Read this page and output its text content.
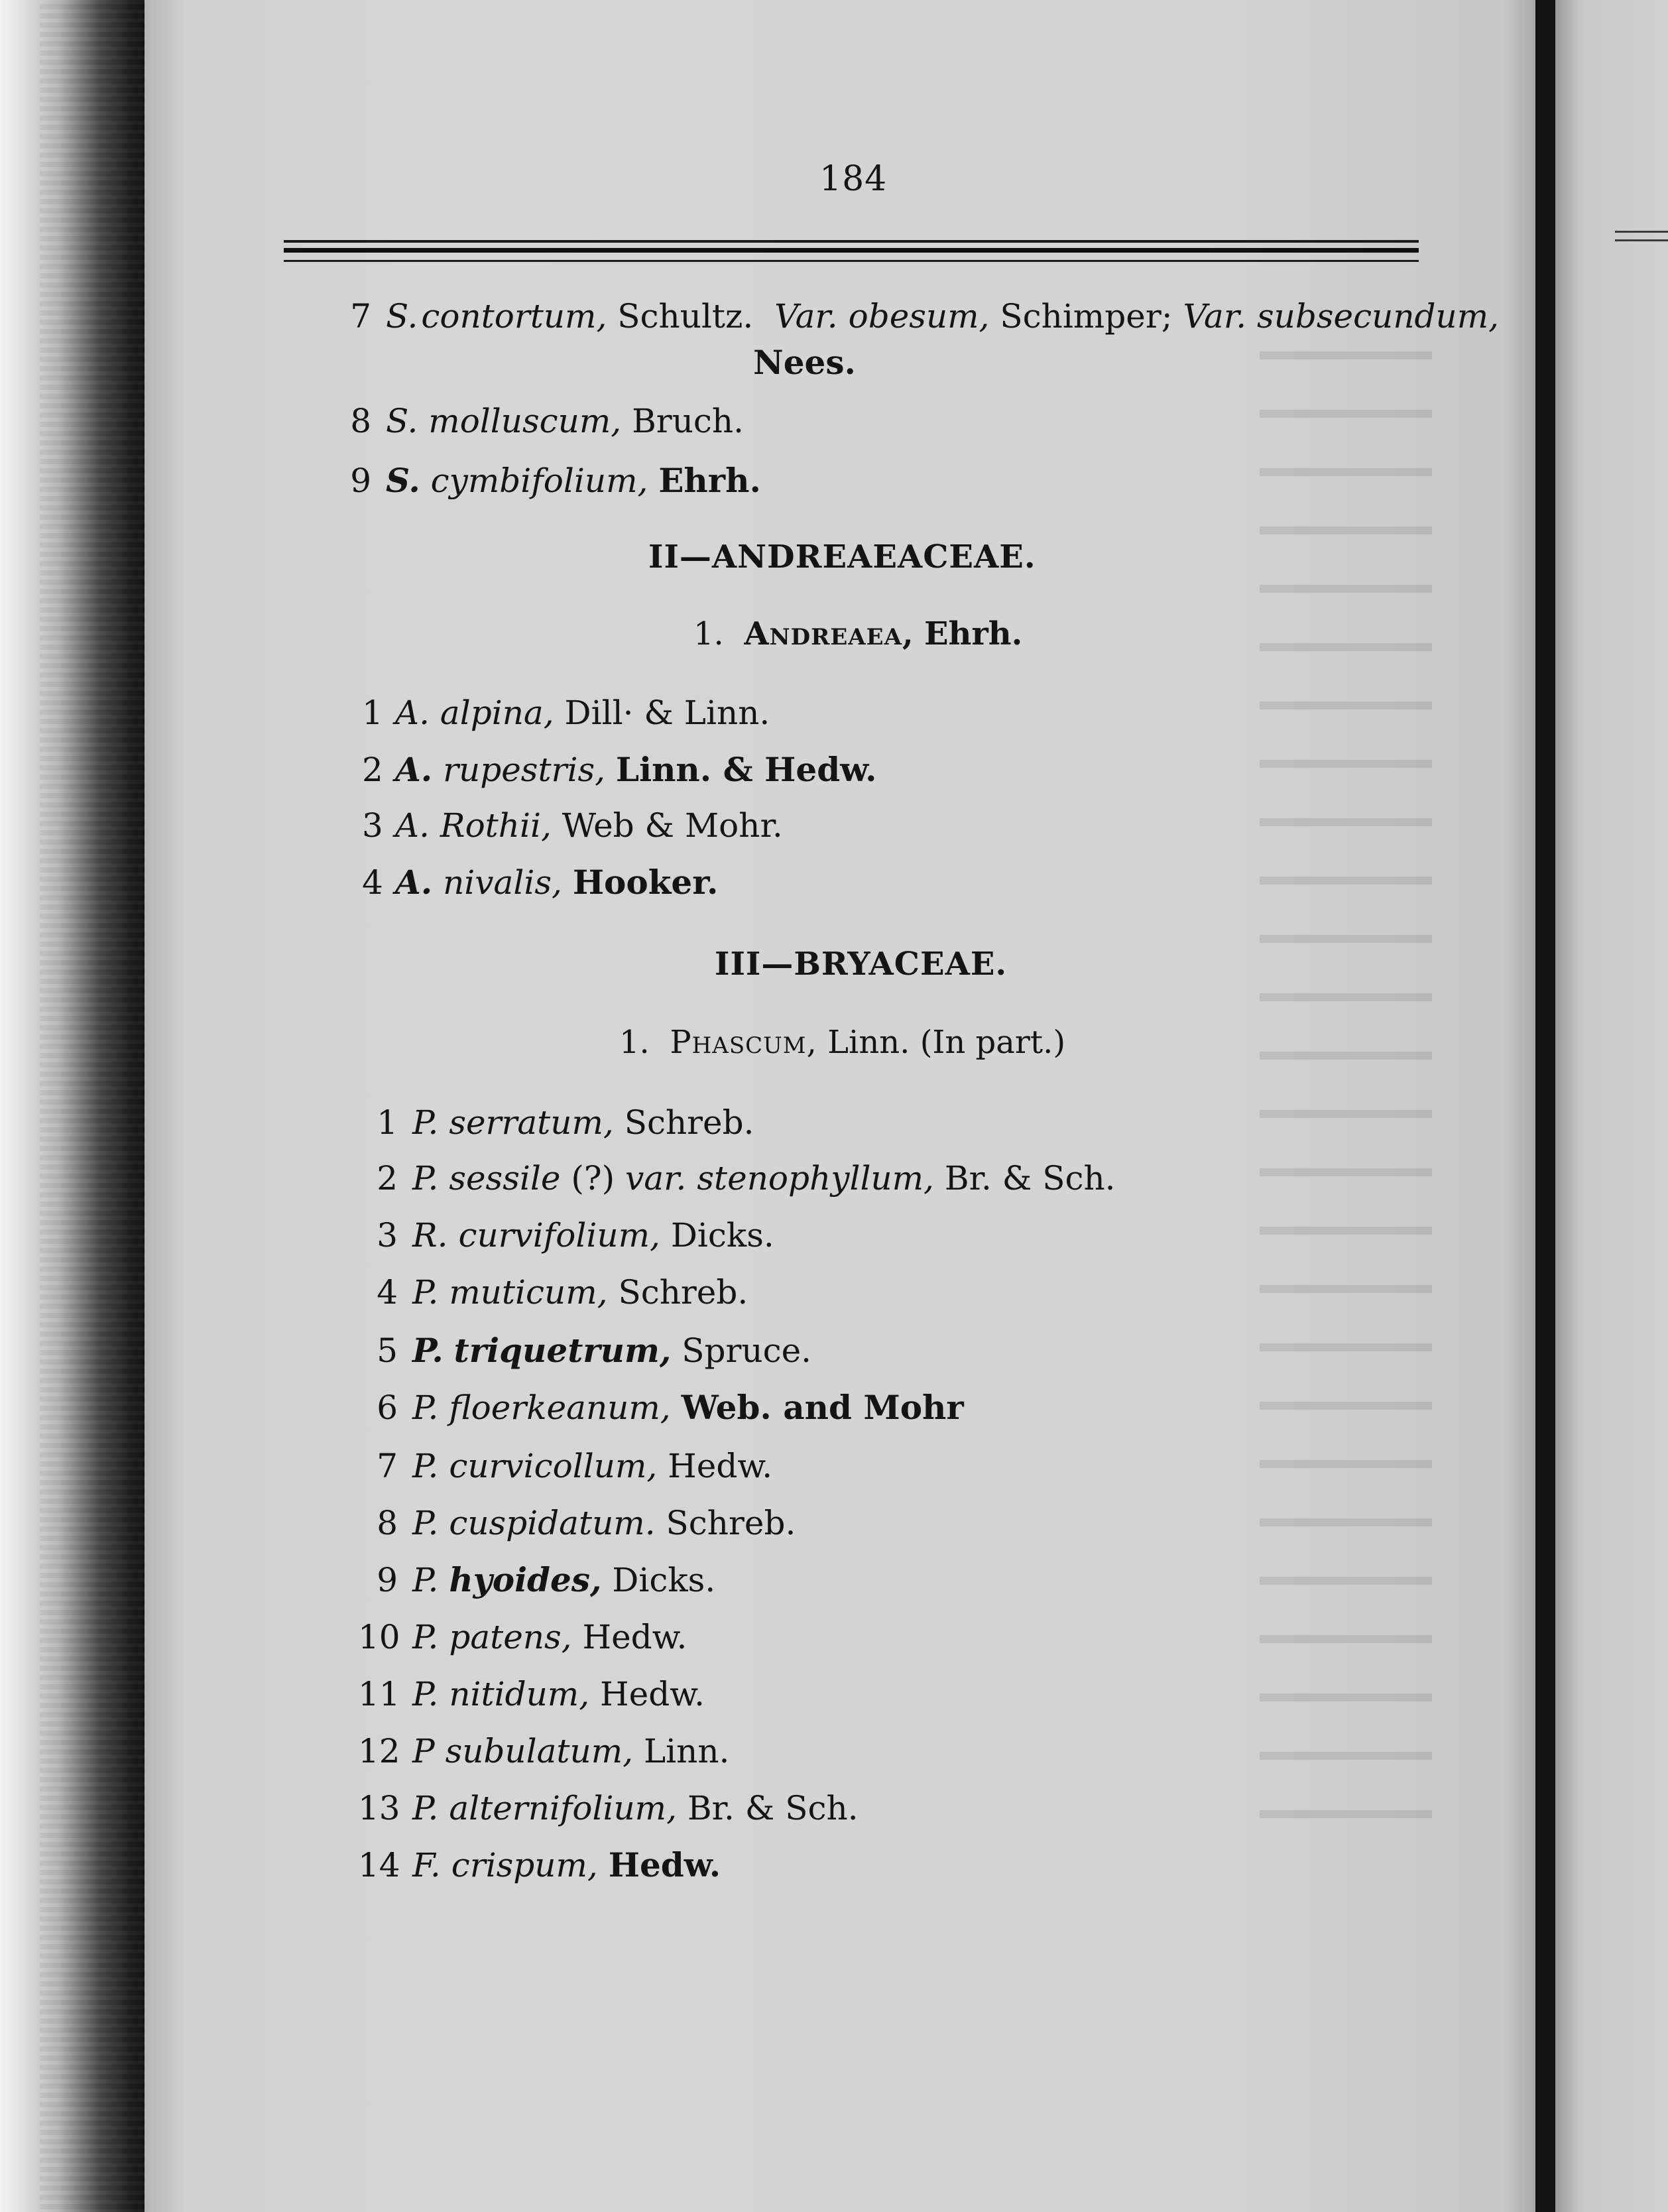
184
7 S. contortum, Schultz. Var. obesum, Schimper; Var. subsecundum,
Nees.
8 S. molluscum, Bruch.
9 S. cymbifolium, Ehrh.
II—ANDREAEACEAE.
1. Andreaea, Ehrh.
1 A. alpina, Dill· & Linn.
2 A. rupestris, Linn. & Hedw.
3 A. Rothii, Web & Mohr.
4 A. nivalis, Hooker.
III—BRYACEAE.
1. Phascum, Linn. (In part.)
1 P. serratum, Schreb.
2 P. sessile (?) var. stenophyllum, Br. & Sch.
3 R. curvifolium, Dicks.
4 P. muticum, Schreb.
5 P. triquetrum, Spruce.
6 P. floerkeanum, Web. and Mohr
7 P. curvicollum, Hedw.
8 P. cuspidatum. Schreb.
9 P. hyoides, Dicks.
10 P. patens, Hedw.
11 P. nitidum, Hedw.
12 P subulatum, Linn.
13 P. alternifolium, Br. & Sch.
14 F. crispum, Hedw.
